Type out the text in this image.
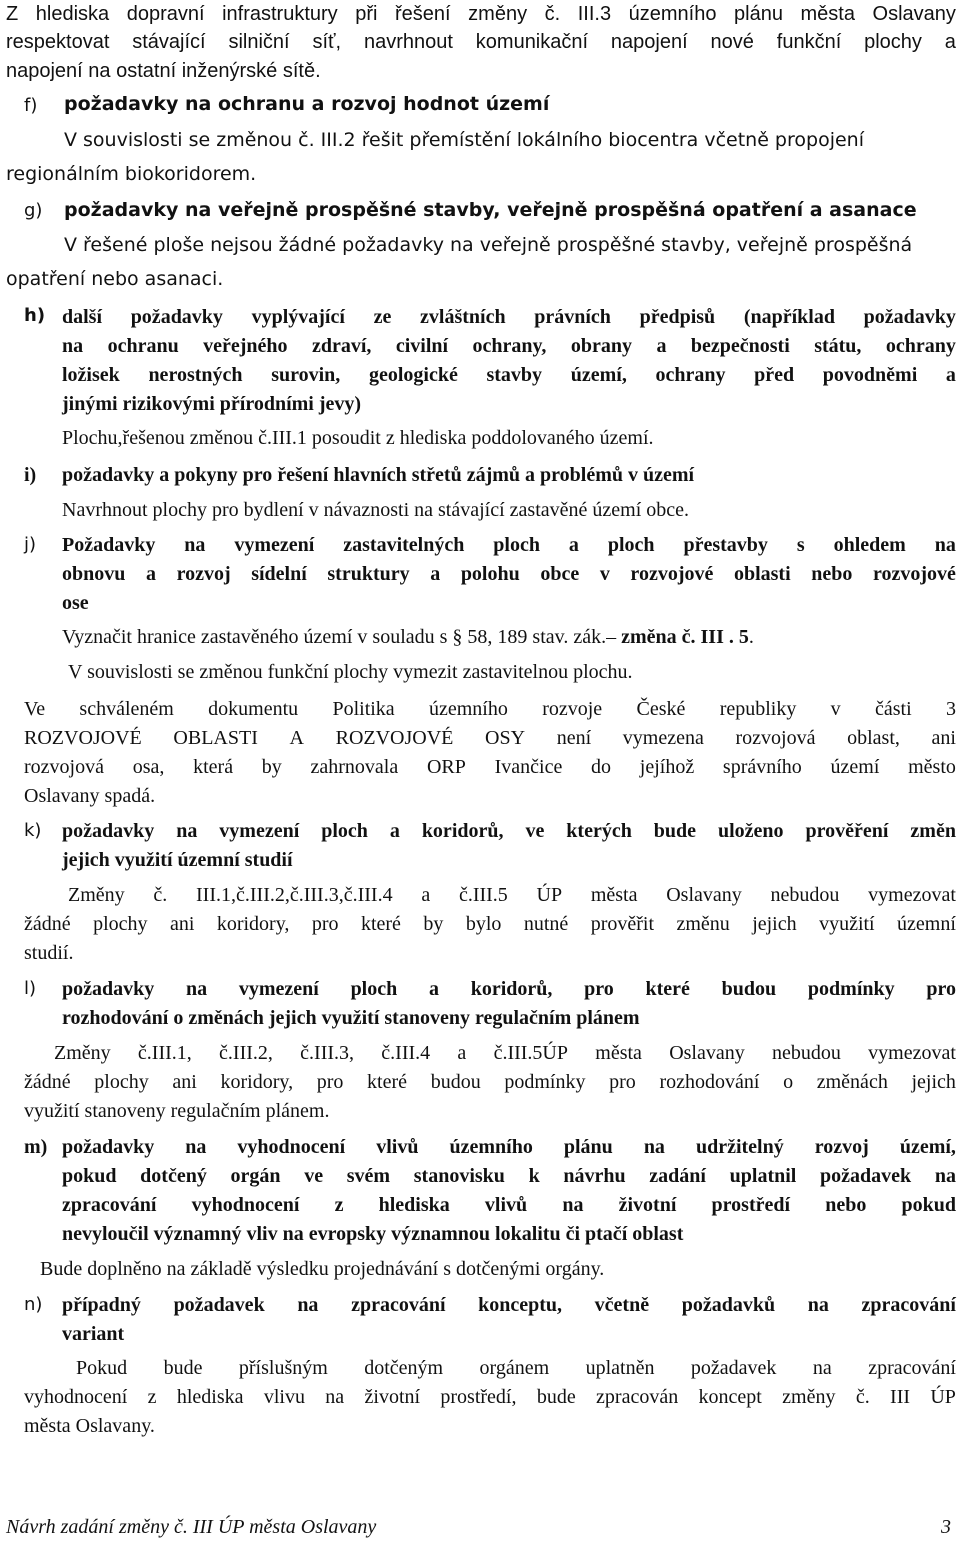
Z hlediska dopravní infrastruktury při řešení změny č. III.3 územního plánu města Oslavany
respektovat stávající silniční síť, navrhnout komunikační napojení nové funkční plochy a
napojení na ostatní inženýrské sítě.
f) požadavky na ochranu a rozvoj hodnot území
V souvislosti se změnou č. III.2 řešit přemístění lokálního biocentra včetně propojení
regionálním biokoridorem.
g) požadavky na veřejně prospěšné stavby, veřejně prospěšná opatření a asanace
V řešené ploše nejsou žádné požadavky na veřejně prospěšné stavby, veřejně prospěšná
opatření nebo asanaci.
h) další požadavky vyplývající ze zvláštních právních předpisů (například požadavky
na ochranu veřejného zdraví, civilní ochrany, obrany a bezpečnosti státu, ochrany
ložisek nerostných surovin, geologické stavby území, ochrany před povodněmi a
jinými rizikovými přírodními jevy)
Plochu,řešenou změnou č.III.1 posoudit z hlediska poddolovaného území.
i) požadavky a pokyny pro řešení hlavních střetů zájmů a problémů v území
Navrhnout plochy pro bydlení v návaznosti na stávající zastavěné území obce.
j) Požadavky na vymezení zastavitelných ploch a ploch přestavby s ohledem na
obnovu a rozvoj sídelní struktury a polohu obce v rozvojové oblasti nebo rozvojové
ose
Vyznačit hranice zastavěného území v souladu s § 58, 189 stav. zák.– změna č. III . 5.
V souvislosti se změnou funkční plochy vymezit zastavitelnou plochu.
Ve schváleném dokumentu Politika územního rozvoje České republiky v části 3
ROZVOJOVÉ OBLASTI A ROZVOJOVÉ OSY není vymezena rozvojová oblast, ani
rozvojová osa, která by zahrnovala ORP Ivančice do jejíhož správního území město
Oslavany spadá.
k) požadavky na vymezení ploch a koridorů, ve kterých bude uloženo prověření změn
jejich využití územní studií
Změny č. III.1,č.III.2,č.III.3,č.III.4 a č.III.5 ÚP města Oslavany nebudou vymezovat
žádné plochy ani koridory, pro které by bylo nutné prověřit změnu jejich využití územní
studií.
l) požadavky na vymezení ploch a koridorů, pro které budou podmínky pro
rozhodování o změnách jejich využití stanoveny regulačním plánem
Změny č.III.1, č.III.2, č.III.3, č.III.4 a č.III.5ÚP města Oslavany nebudou vymezovat
žádné plochy ani koridory, pro které budou podmínky pro rozhodování o změnách jejich
využití stanoveny regulačním plánem.
m) požadavky na vyhodnocení vlivů územního plánu na udržitelný rozvoj území,
pokud dotčený orgán ve svém stanovisku k návrhu zadání uplatnil požadavek na
zpracování vyhodnocení z hlediska vlivů na životní prostředí nebo pokud
nevyloučil významný vliv na evropsky významnou lokalitu či ptačí oblast
Bude doplněno na základě výsledku projednávání s dotčenými orgány.
n) případný požadavek na zpracování konceptu, včetně požadavků na zpracování
variant
Pokud bude příslušným dotčeným orgánem uplatněn požadavek na zpracování
vyhodnocení z hlediska vlivu na životní prostředí, bude zpracován koncept změny č. III ÚP
města Oslavany.
Návrh zadání změny č. III ÚP města Oslavany	3
